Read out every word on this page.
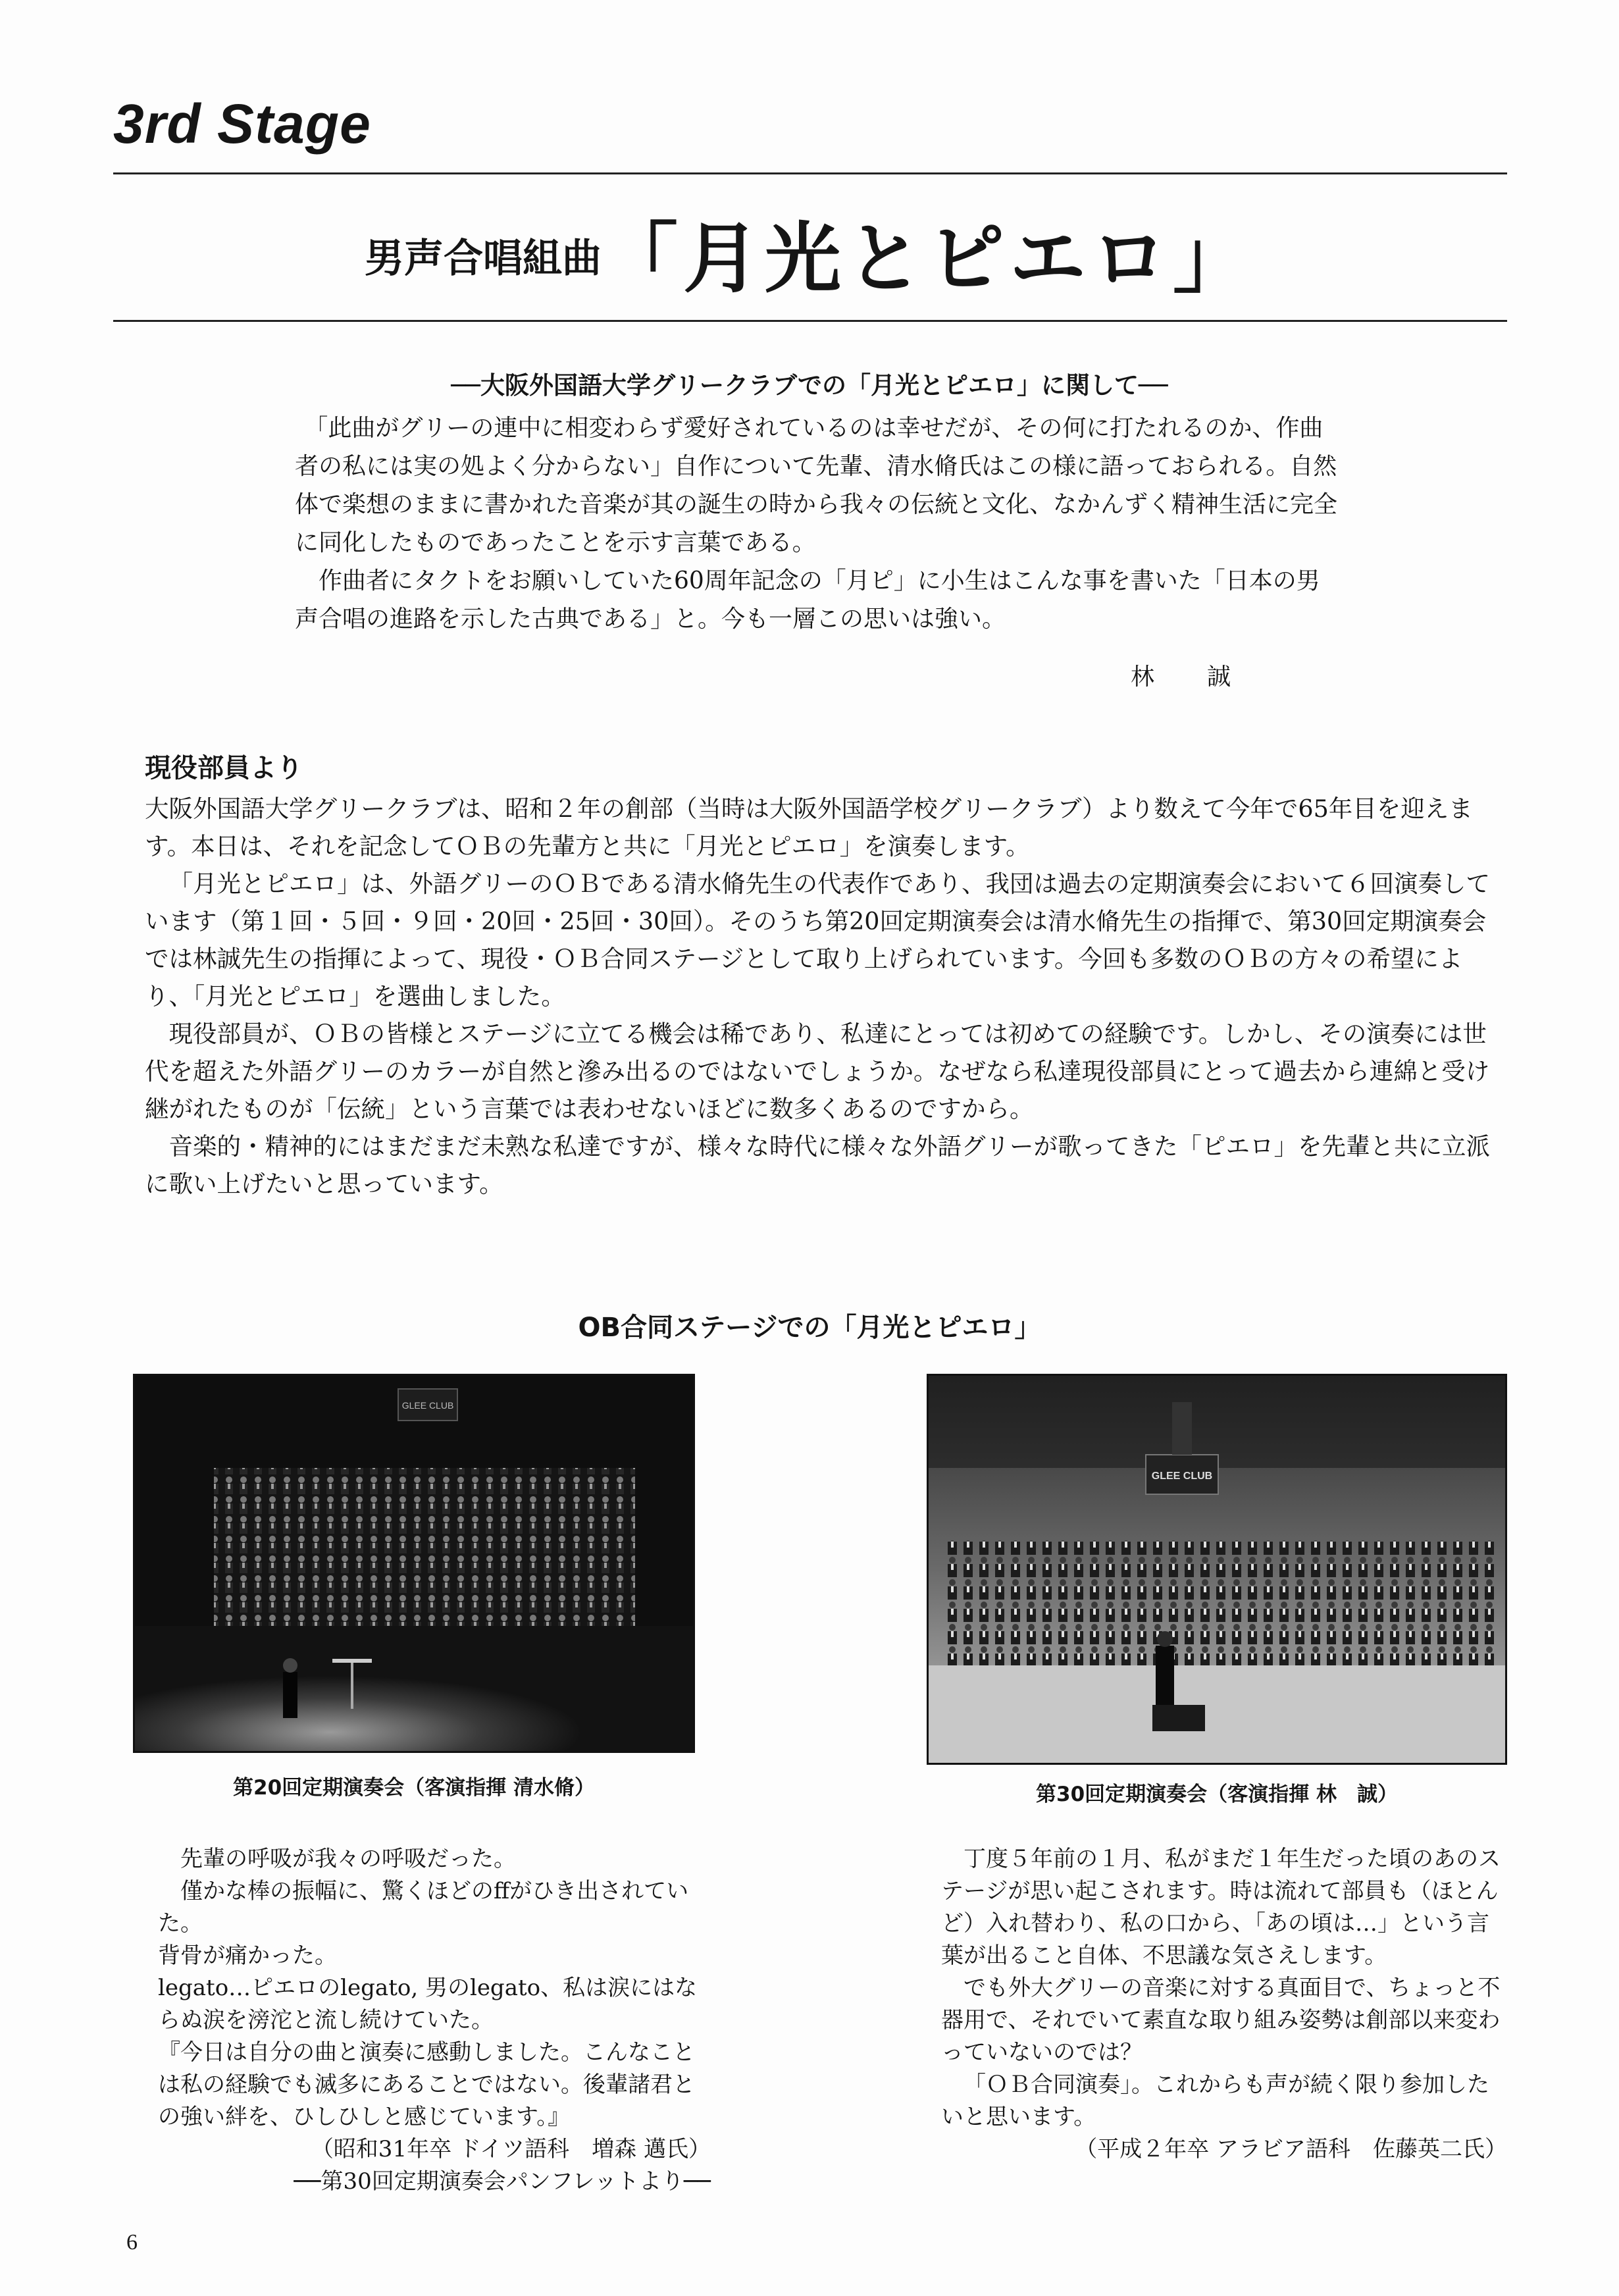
3rd Stage
男声合唱組曲「月光とピエロ」
──大阪外国語大学グリークラブでの「月光とピエロ」に関して──

「此曲がグリーの連中に相変わらず愛好されているのは幸せだが、その何に打たれるのか、作曲者の私には実の処よく分からない」自作について先輩、清水脩氏はこの様に語っておられる。自然体で楽想のままに書かれた音楽が其の誕生の時から我々の伝統と文化、なかんずく精神生活に完全に同化したものであったことを示す言葉である。

作曲者にタクトをお願いしていた60周年記念の「月ピ」に小生はこんな事を書いた「日本の男声合唱の進路を示した古典である」と。今も一層この思いは強い。

林誠
現役部員より

大阪外国語大学グリークラブは、昭和２年の創部（当時は大阪外国語学校グリークラブ）より数えて今年で65年目を迎えます。本日は、それを記念してＯＢの先輩方と共に「月光とピエロ」を演奏します。

「月光とピエロ」は、外語グリーのＯＢである清水脩先生の代表作であり、我団は過去の定期演奏会において６回演奏しています（第１回・５回・９回・20回・25回・30回）。そのうち第20回定期演奏会は清水脩先生の指揮で、第30回定期演奏会では林誠先生の指揮によって、現役・ＯＢ合同ステージとして取り上げられています。今回も多数のＯＢの方々の希望により、「月光とピエロ」を選曲しました。

現役部員が、ＯＢの皆様とステージに立てる機会は稀であり、私達にとっては初めての経験です。しかし、その演奏には世代を超えた外語グリーのカラーが自然と滲み出るのではないでしょうか。なぜなら私達現役部員にとって過去から連綿と受け継がれたものが「伝統」という言葉では表わせないほどに数多くあるのですから。

音楽的・精神的にはまだまだ未熟な私達ですが、様々な時代に様々な外語グリーが歌ってきた「ピエロ」を先輩と共に立派に歌い上げたいと思っています。

OB合同ステージでの「月光とピエロ」
GLEE CLUB
第20回定期演奏会（客演指揮 清水脩）
GLEE CLUB
第30回定期演奏会（客演指揮 林　誠）

先輩の呼吸が我々の呼吸だった。

僅かな棒の振幅に、驚くほどのffがひき出されていた。

背骨が痛かった。

legato…ピエロのlegato, 男のlegato、私は涙にはならぬ涙を滂沱と流し続けていた。

『今日は自分の曲と演奏に感動しました。こんなことは私の経験でも滅多にあることではない。後輩諸君との強い絆を、ひしひしと感じています。』

（昭和31年卒 ドイツ語科　増森 邁氏）

──第30回定期演奏会パンフレットより──

丁度５年前の１月、私がまだ１年生だった頃のあのステージが思い起こされます。時は流れて部員も（ほとんど）入れ替わり、私の口から、「あの頃は…」という言葉が出ること自体、不思議な気さえします。

でも外大グリーの音楽に対する真面目で、ちょっと不器用で、それでいて素直な取り組み姿勢は創部以来変わっていないのでは？

「ＯＢ合同演奏」。これからも声が続く限り参加したいと思います。

（平成２年卒 アラビア語科　佐藤英二氏）

6
